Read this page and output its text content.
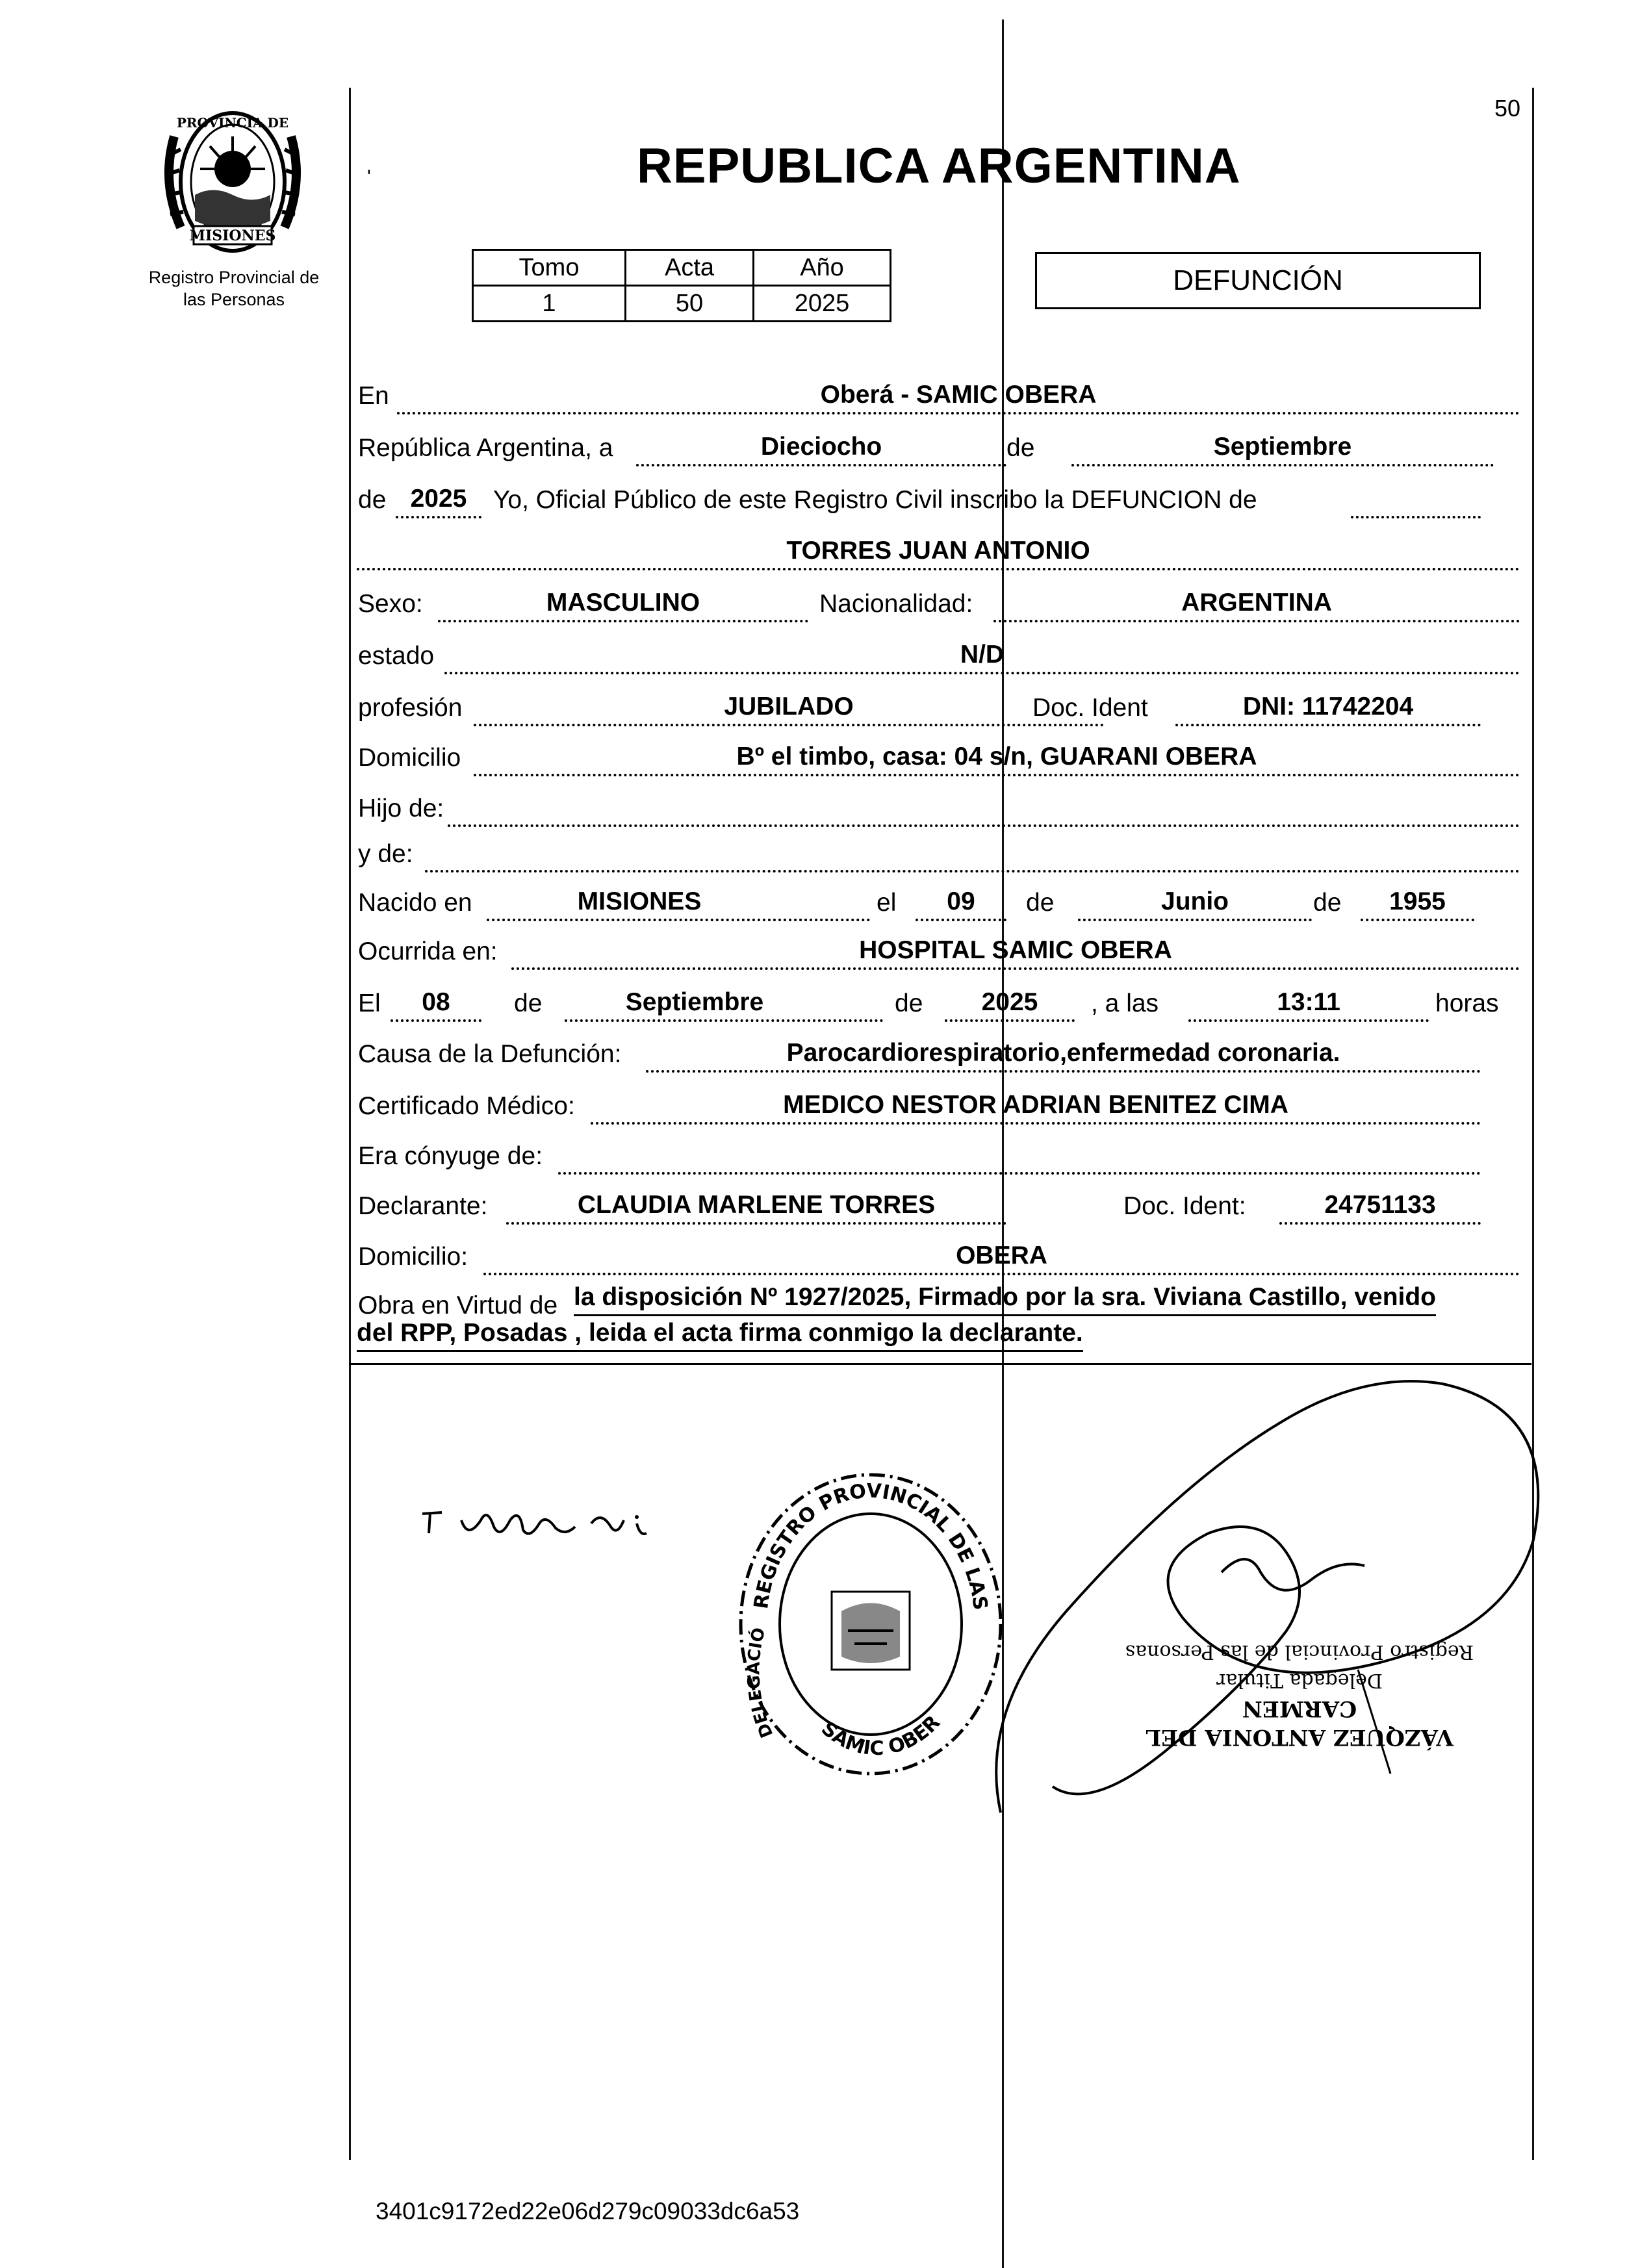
PROVINCIA DE
MISIONES
Registro Provincial de
las Personas
50
'	REPUBLICA ARGENTINA
Tomo	Acta	Año
1	50	2025
DEFUNCIÓN
En	Oberá - SAMIC OBERA
República Argentina, a	Dieciocho	de	Septiembre
de 2025	Yo, Oficial Público de este Registro Civil inscribo la DEFUNCION de
TORRES JUAN ANTONIO
Sexo:	MASCULINO	Nacionalidad:	ARGENTINA
estado	N/D
profesión	JUBILADO	Doc. Ident	DNI: 11742204
Domicilio	Bº el timbo, casa: 04 s/n, GUARANI OBERA
Hijo de:
y de:
Nacido en	MISIONES	el	09	de	Junio	de	1955
Ocurrida en:	HOSPITAL SAMIC OBERA
El	08	de	Septiembre	de	2025	, a las	13:11	horas
Causa de la Defunción:	Parocardiorespiratorio,enfermedad coronaria.
Certificado Médico:	MEDICO NESTOR ADRIAN BENITEZ CIMA
Era cónyuge de:
Declarante:	CLAUDIA MARLENE TORRES	Doc. Ident:	24751133
Domicilio:	OBERA
Obra en Virtud de la disposición Nº 1927/2025, Firmado por la sra. Viviana Castillo, venido
del RPP, Posadas , leida el acta firma conmigo la declarante.
REGISTRO PROVINCIAL DE LAS
SAMIC OBER
DELEGACIÓ
VÁZQUEZ ANTONIA DEL CARMEN
Delegada Titular
Registro Provincial de las Personas
3401c9172ed22e06d279c09033dc6a53
